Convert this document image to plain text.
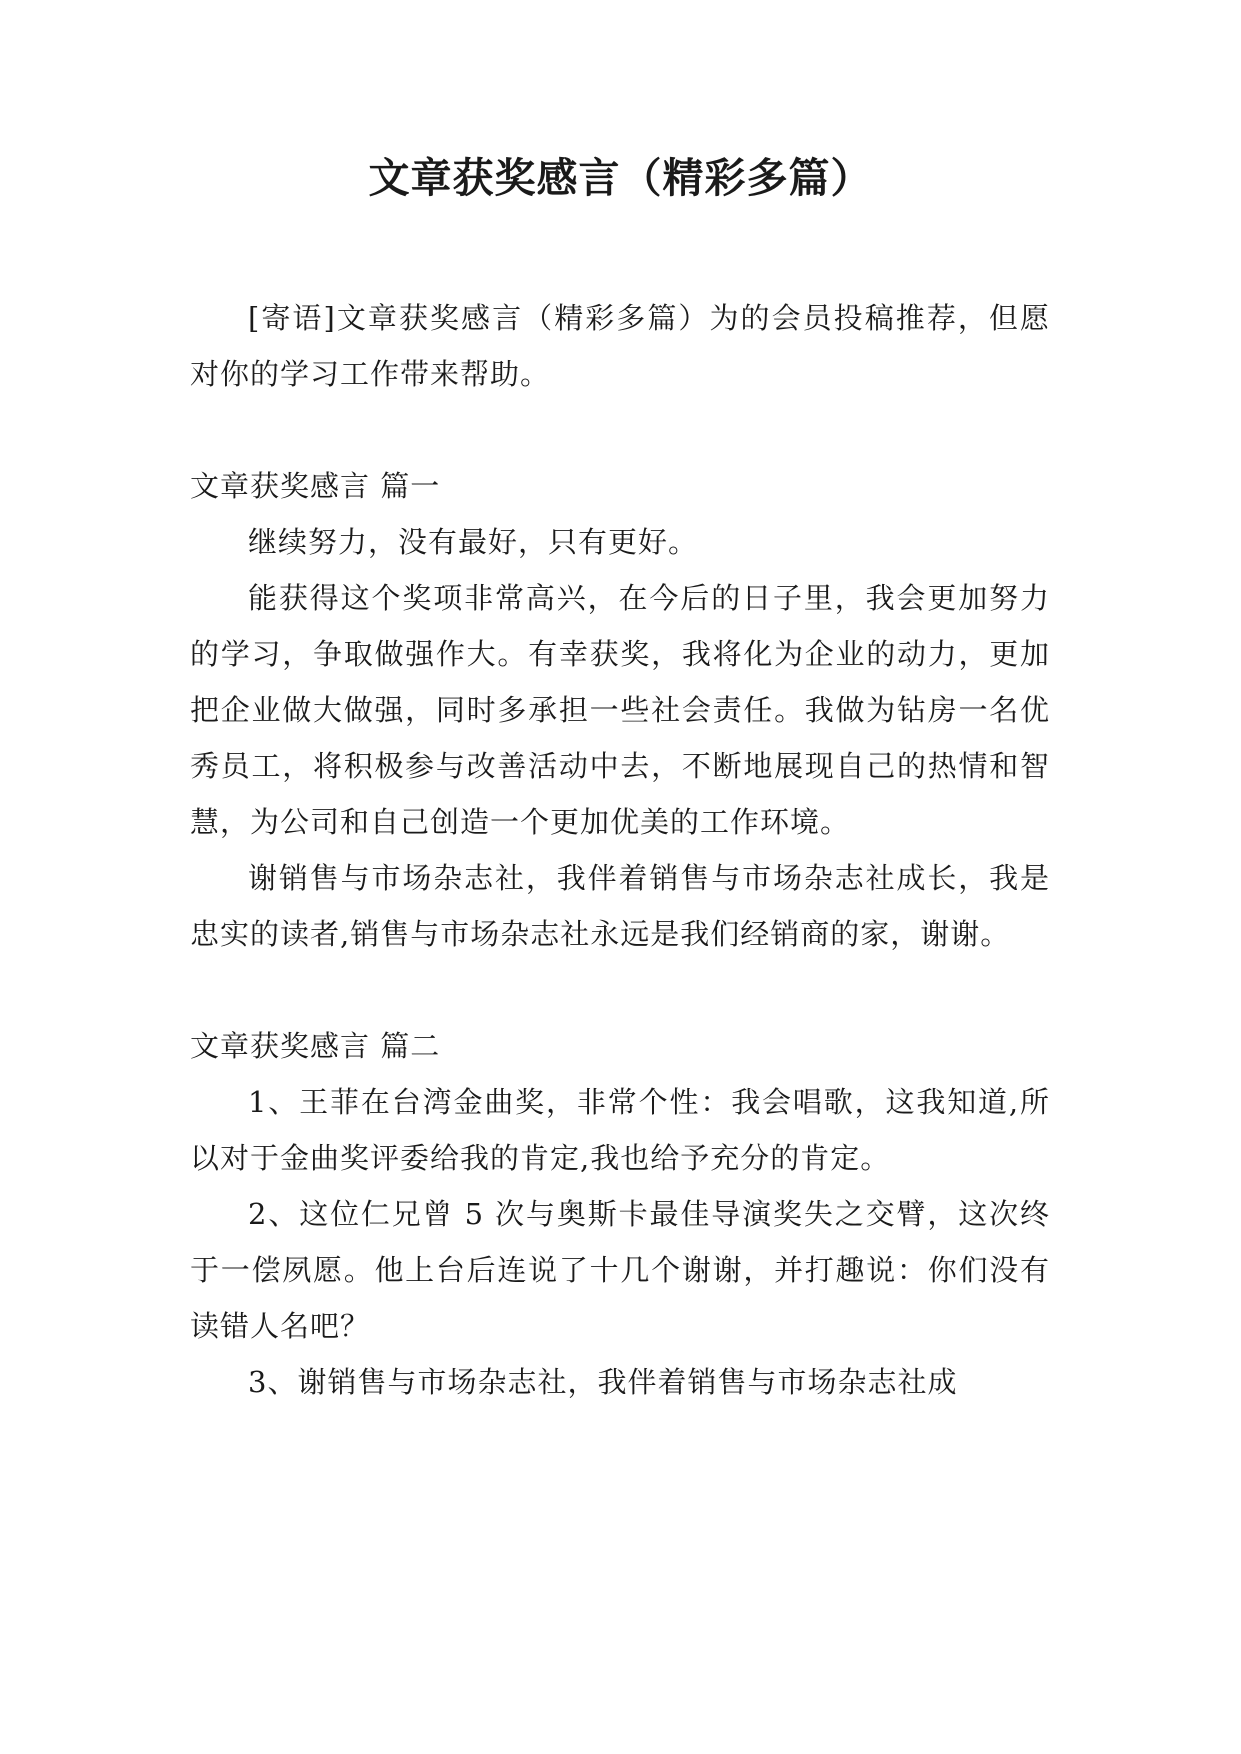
文章获奖感言（精彩多篇）

[寄语]文章获奖感言（精彩多篇）为的会员投稿推荐，但愿对你的学习工作带来帮助。

文章获奖感言 篇一

继续努力，没有最好，只有更好。

能获得这个奖项非常高兴，在今后的日子里，我会更加努力的学习，争取做强作大。有幸获奖，我将化为企业的动力，更加把企业做大做强，同时多承担一些社会责任。我做为钻房一名优秀员工，将积极参与改善活动中去，不断地展现自己的热情和智慧，为公司和自己创造一个更加优美的工作环境。

谢销售与市场杂志社，我伴着销售与市场杂志社成长，我是忠实的读者,销售与市场杂志社永远是我们经销商的家，谢谢。

文章获奖感言 篇二

1、王菲在台湾金曲奖，非常个性：我会唱歌，这我知道,所以对于金曲奖评委给我的肯定,我也给予充分的肯定。

2、这位仁兄曾 5 次与奥斯卡最佳导演奖失之交臂，这次终于一偿夙愿。他上台后连说了十几个谢谢，并打趣说：你们没有读错人名吧？

3、谢销售与市场杂志社，我伴着销售与市场杂志社成
